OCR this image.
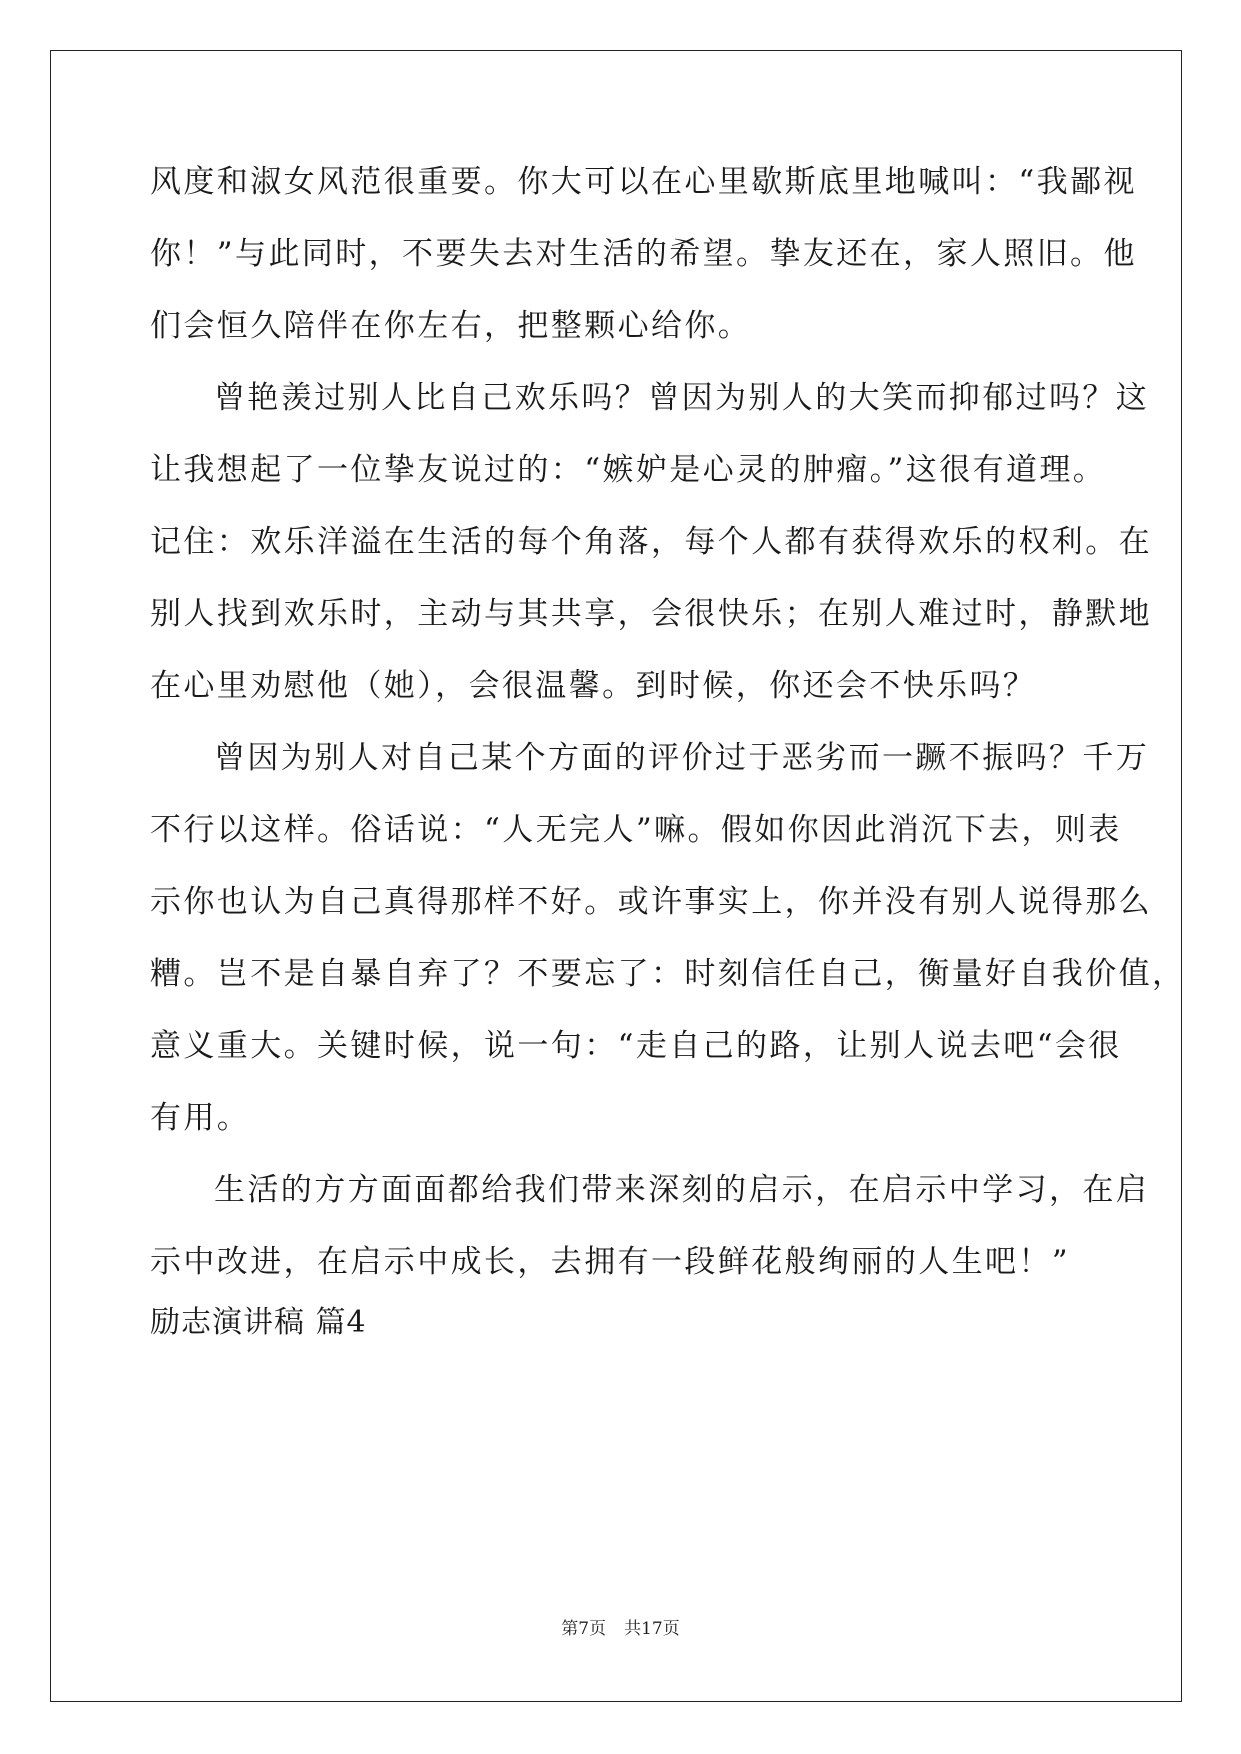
风度和淑女风范很重要。你大可以在心里歇斯底里地喊叫：“我鄙视
你！”与此同时，不要失去对生活的希望。挚友还在，家人照旧。他
们会恒久陪伴在你左右，把整颗心给你。
曾艳羡过别人比自己欢乐吗？曾因为别人的大笑而抑郁过吗？这
让我想起了一位挚友说过的：“嫉妒是心灵的肿瘤。”这很有道理。
记住：欢乐洋溢在生活的每个角落，每个人都有获得欢乐的权利。在
别人找到欢乐时，主动与其共享，会很快乐；在别人难过时，静默地
在心里劝慰他（她），会很温馨。到时候，你还会不快乐吗？
曾因为别人对自己某个方面的评价过于恶劣而一蹶不振吗？千万
不行以这样。俗话说：“人无完人”嘛。假如你因此消沉下去，则表
示你也认为自己真得那样不好。或许事实上，你并没有别人说得那么
糟。岂不是自暴自弃了？不要忘了：时刻信任自己，衡量好自我价值，
意义重大。关键时候，说一句：“走自己的路，让别人说去吧“会很
有用。
生活的方方面面都给我们带来深刻的启示，在启示中学习，在启
示中改进，在启示中成长，去拥有一段鲜花般绚丽的人生吧！”
励志演讲稿 篇4
第7页 共17页
